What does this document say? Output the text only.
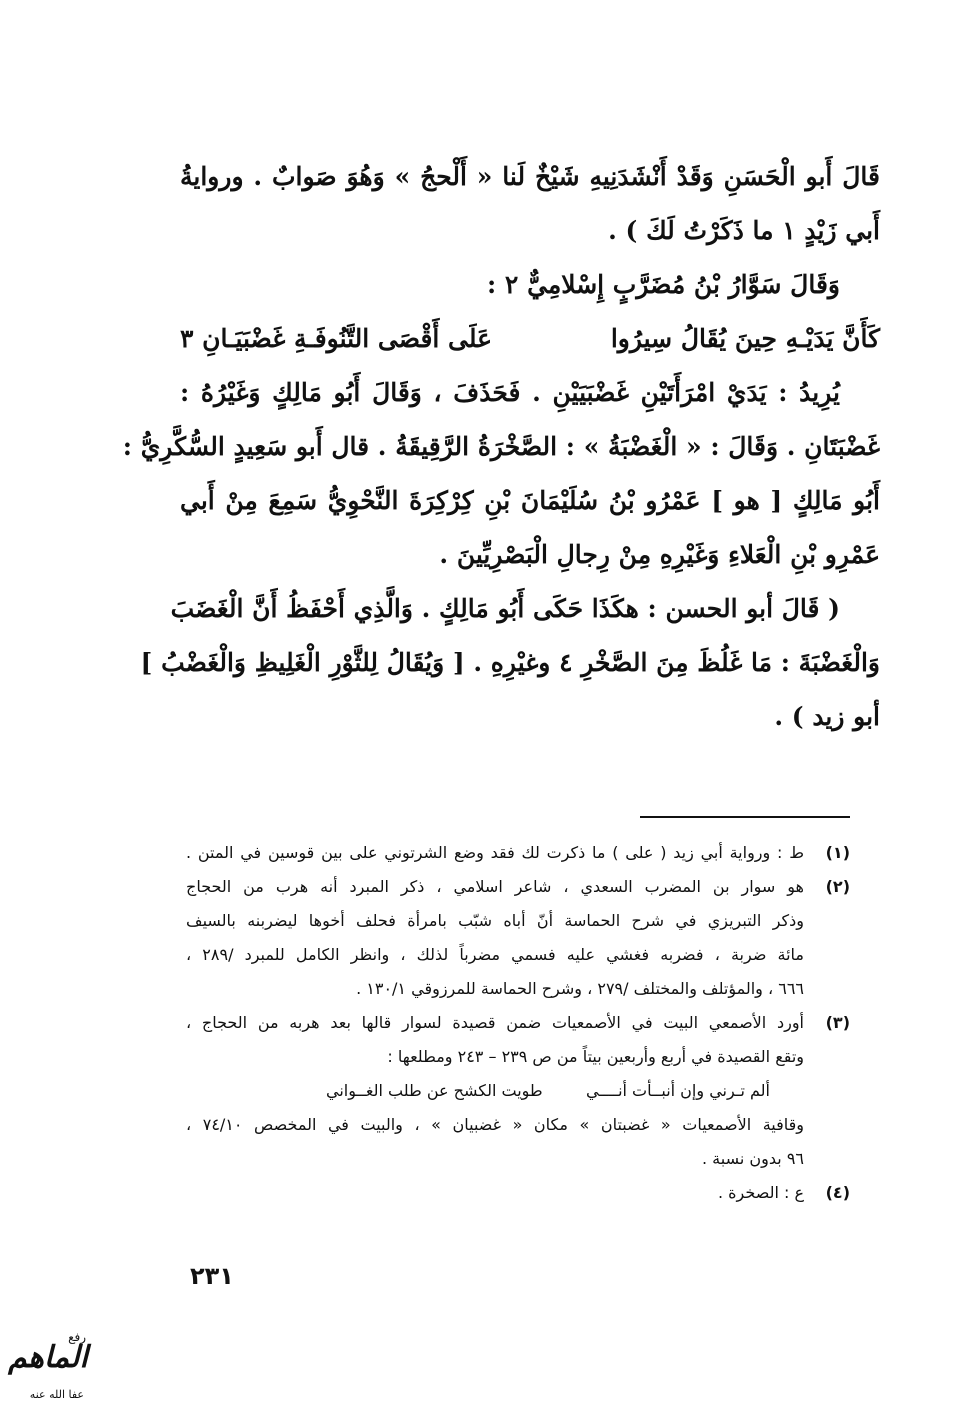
قَالَ أَبو الْحَسَنِ وَقَدْ أَنْشَدَنِيهِ شَيْخٌ لَنا « أَلْحجُ » وَهُوَ صَوابٌ . وروايةُ
أَبي زَيْدٍ ١ ما ذَكَرْتُ لَكَ ) .
وَقَالَ سَوَّارُ بْنُ مُضَرَّبٍ إِسْلامِيٌّ ٢ :
كَأَنَّ يَدَيْـهِ حِينَ يُقَالُ سِيرُوا
عَلَى أَقْصَى التَّنُوفَـةِ غَضْبَيَـانِ ٣
يُرِيدُ : يَدَيْ امْرَأَتَيْنِ غَضْبَيَيْنِ . فَحَذَفَ ، وَقَالَ أَبُو مَالِكٍ وَغَيْرُهُ :
غَضْبَتَانِ . وَقَالَ : « الْغَضْبَةُ » : الصَّخْرَةُ الرَّقِيقَةُ . قال أَبو سَعِيدٍ السُّكَّرِيُّ :
أَبُو مَالِكٍ [ هو ] عَمْرُو بْنُ سُلَيْمَانَ بْنِ كِرْكِرَةَ النَّحْوِيُّ سَمِعَ مِنْ أَبي
عَمْرِو بْنِ الْعَلاءِ وَغَيْرِهِ مِنْ رِجالِ الْبَصْرِيِّينَ .
( قَالَ أبو الحسن : هكَذَا حَكَى أَبُو مَالِكٍ . وَالَّذِي أَحْفَظُ أَنَّ الْغَضَبَ
وَالْغَضْبَةَ : مَا غَلُظَ مِنَ الصَّخْرِ ٤ وغيْرِهِ . [ وَيُقَالُ لِلثَّوْرِ الْغَلِيظِ وَالْغَضْبُ ]
أبو زيد ) .
(١)
ط : ورواية أبي زيد ( على ) ما ذكرت لك فقد وضع الشرتوني على بين قوسين في المتن .
(٢)
هو سوار بن المضرب السعدي ، شاعر اسلامي ، ذكر المبرد أنه هرب من الحجاج
وذكر التبريزي في شرح الحماسة أنّ أباه شبّب بامرأة فحلف أخوها ليضربنه بالسيف
مائة ضربة ، فضربه فغشي عليه فسمي مضرباً لذلك ، وانظر الكامل للمبرد /٢٨٩ ،
٦٦٦ ، والمؤتلف والمختلف /٢٧٩ ، وشرح الحماسة للمرزوقي ١٣٠/١ .
(٣)
أورد الأصمعي البيت في الأصمعيات ضمن قصيدة لسوار قالها بعد هربه من الحجاج ،
وتقع القصيدة في أربع وأربعين بيتاً من ص ٢٣٩ – ٢٤٣ ومطلعها :
ألم تـرني وإن أنبــأت أنــــي
طويت الكشح عن طلب الغــواني
وقافية الأصمعيات « غضبتان » مكان « غضبيان » ، والبيت في المخصص ٧٤/١٠ ،
٩٦ بدون نسبة .
(٤)
ع : الصخرة .
٢٣١
رفع
الماهم
عفا الله عنه
